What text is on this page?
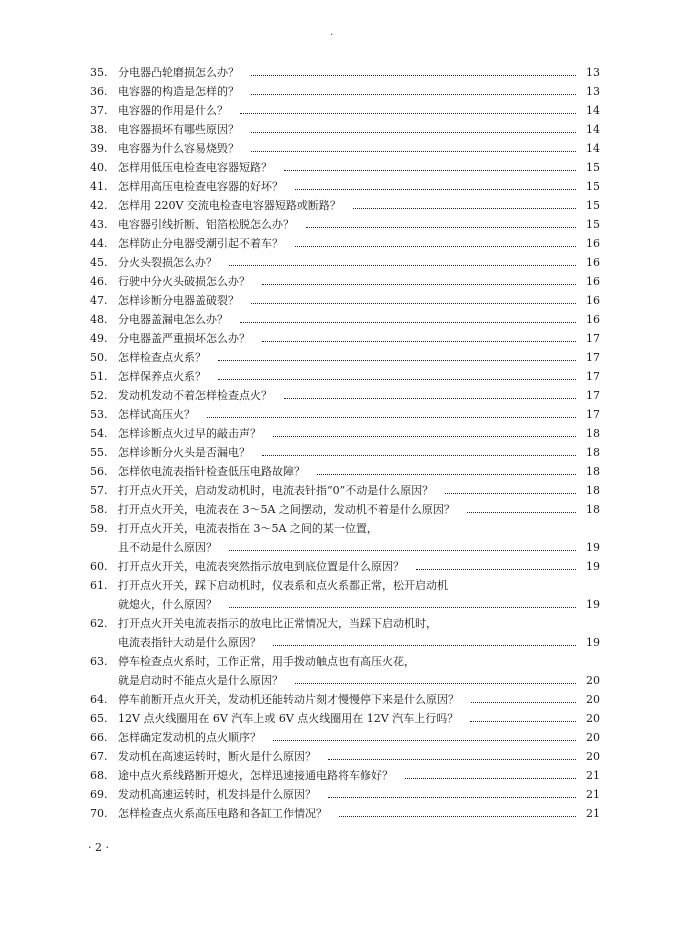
·
35. 分电器凸轮磨损怎么办？	13
36. 电容器的构造是怎样的？	13
37. 电容器的作用是什么？	14
38. 电容器损坏有哪些原因？	14
39. 电容器为什么容易烧毁？	14
40. 怎样用低压电检查电容器短路？	15
41. 怎样用高压电检查电容器的好坏？	15
42. 怎样用 220V 交流电检查电容器短路或断路？	15
43. 电容器引线折断、铝箔松脱怎么办？	15
44. 怎样防止分电器受潮引起不着车？	16
45. 分火头裂损怎么办？	16
46. 行驶中分火头破损怎么办？	16
47. 怎样诊断分电器盖破裂？	16
48. 分电器盖漏电怎么办？	16
49. 分电器盖严重损坏怎么办？	17
50. 怎样检查点火系？	17
51. 怎样保养点火系？	17
52. 发动机发动不着怎样检查点火？	17
53. 怎样试高压火？	17
54. 怎样诊断点火过早的敲击声？	18
55. 怎样诊断分火头是否漏电？	18
56. 怎样依电流表指针检查低压电路故障？	18
57. 打开点火开关，启动发动机时，电流表针指“0”不动是什么原因？	18
58. 打开点火开关，电流表在 3～5A 之间摆动，发动机不着是什么原因？	18
59. 打开点火开关，电流表指在 3～5A 之间的某一位置，
且不动是什么原因？	19
60. 打开点火开关，电流表突然指示放电到底位置是什么原因？	19
61. 打开点火开关，踩下启动机时，仪表系和点火系都正常，松开启动机
就熄火，什么原因？	19
62. 打开点火开关电流表指示的放电比正常情况大，当踩下启动机时，
电流表指针大动是什么原因？	19
63. 停车检查点火系时，工作正常，用手拨动触点也有高压火花，
就是启动时不能点火是什么原因？	20
64. 停车前断开点火开关，发动机还能转动片刻才慢慢停下来是什么原因？	20
65. 12V 点火线圈用在 6V 汽车上或 6V 点火线圈用在 12V 汽车上行吗？	20
66. 怎样确定发动机的点火顺序？	20
67. 发动机在高速运转时，断火是什么原因？	20
68. 途中点火系线路断开熄火，怎样迅速接通电路将车修好？	21
69. 发动机高速运转时，机发抖是什么原因？	21
70. 怎样检查点火系高压电路和各缸工作情况？	21
· 2 ·
